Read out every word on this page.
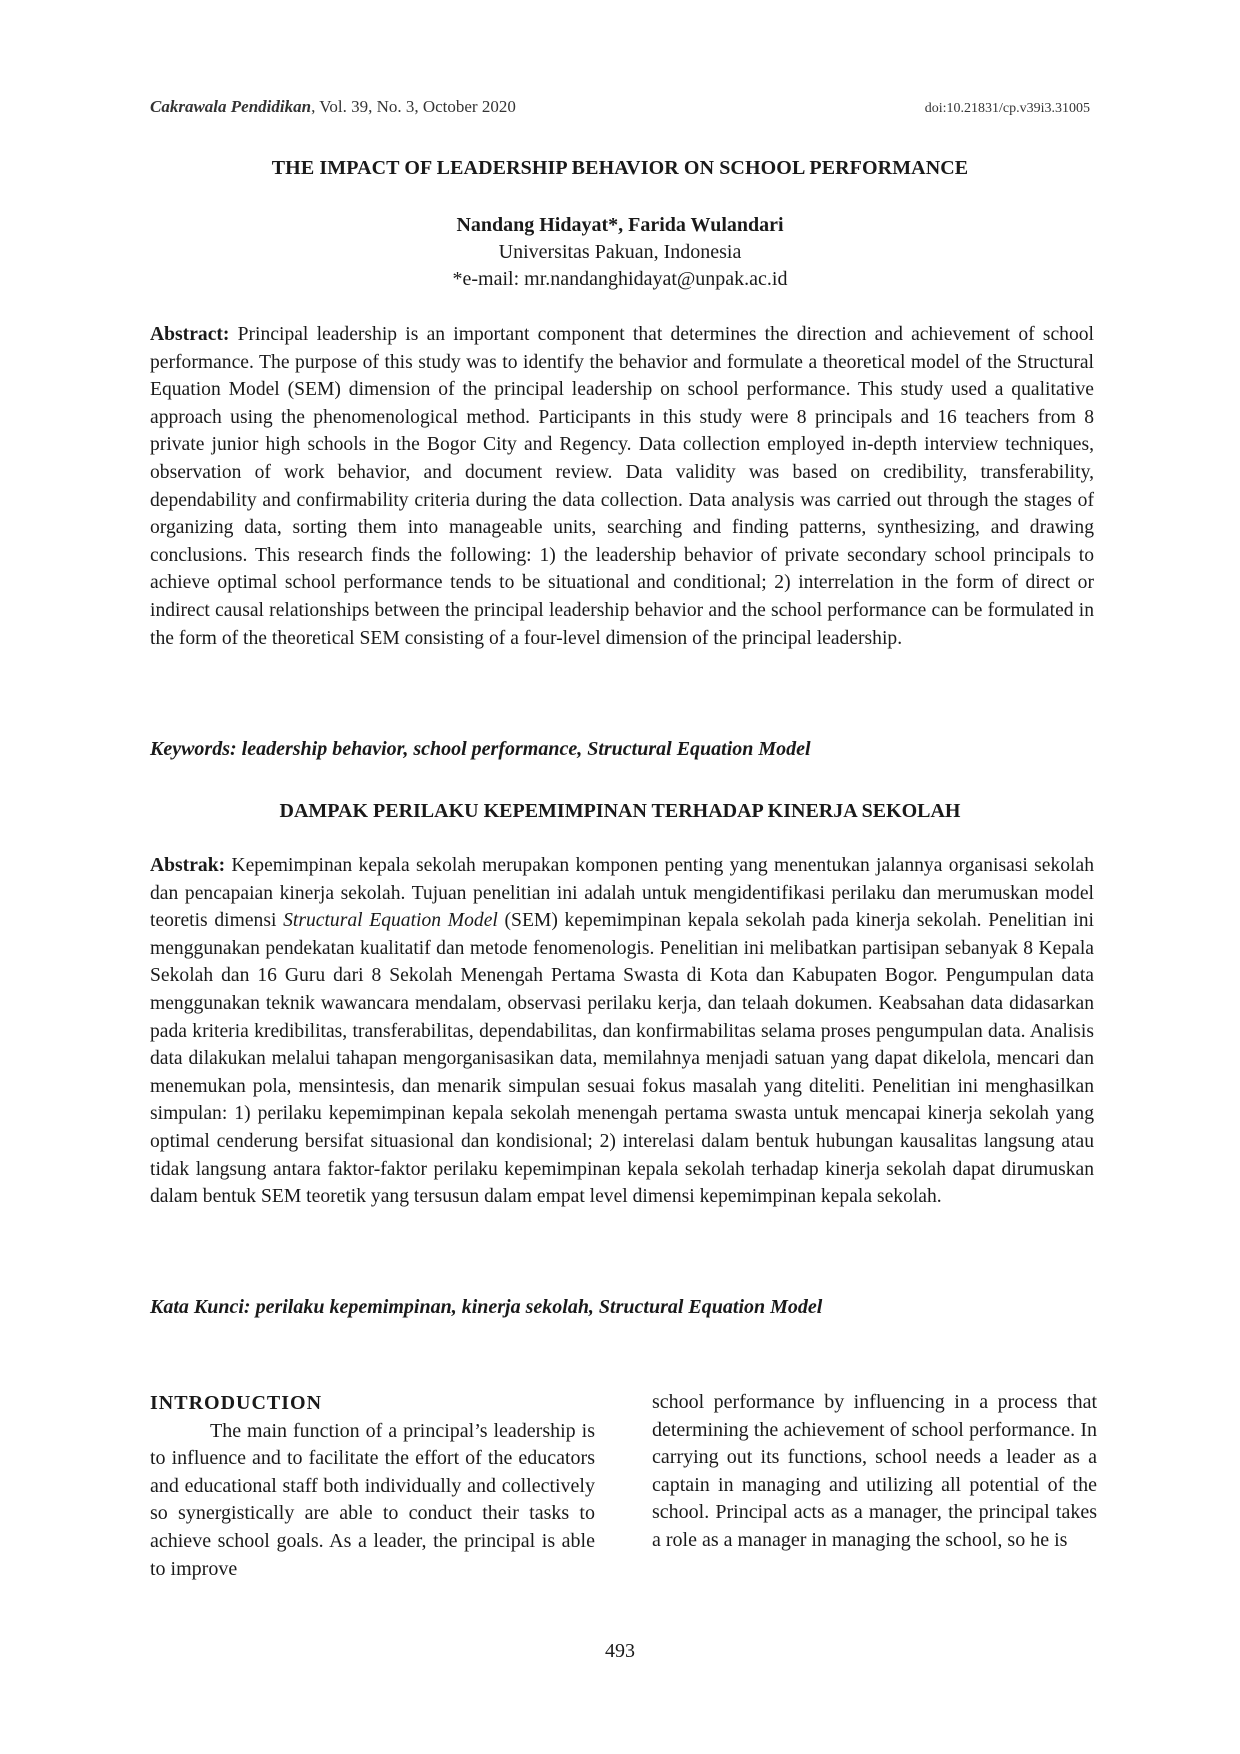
Cakrawala Pendidikan, Vol. 39, No. 3, October 2020	doi:10.21831/cp.v39i3.31005
THE IMPACT OF LEADERSHIP BEHAVIOR ON SCHOOL PERFORMANCE
Nandang Hidayat*, Farida Wulandari
Universitas Pakuan, Indonesia
*e-mail: mr.nandanghidayat@unpak.ac.id

Abstract: Principal leadership is an important component that determines the direction and achievement of school performance. The purpose of this study was to identify the behavior and formulate a theoretical model of the Structural Equation Model (SEM) dimension of the principal leadership on school performance. This study used a qualitative approach using the phenomenological method. Participants in this study were 8 principals and 16 teachers from 8 private junior high schools in the Bogor City and Regency. Data collection employed in-depth interview techniques, observation of work behavior, and document review. Data validity was based on credibility, transferability, dependability and confirmability criteria during the data collection. Data analysis was carried out through the stages of organizing data, sorting them into manageable units, searching and finding patterns, synthesizing, and drawing conclusions. This research finds the following: 1) the leadership behavior of private secondary school principals to achieve optimal school performance tends to be situational and conditional; 2) interrelation in the form of direct or indirect causal relationships between the principal leadership behavior and the school performance can be formulated in the form of the theoretical SEM consisting of a four-level dimension of the principal leadership.

Keywords: leadership behavior, school performance, Structural Equation Model

DAMPAK PERILAKU KEPEMIMPINAN TERHADAP KINERJA SEKOLAH

Abstrak: Kepemimpinan kepala sekolah merupakan komponen penting yang menentukan jalannya organisasi sekolah dan pencapaian kinerja sekolah. Tujuan penelitian ini adalah untuk mengidentifikasi perilaku dan merumuskan model teoretis dimensi Structural Equation Model (SEM) kepemimpinan kepala sekolah pada kinerja sekolah. Penelitian ini menggunakan pendekatan kualitatif dan metode fenomenologis. Penelitian ini melibatkan partisipan sebanyak 8 Kepala Sekolah dan 16 Guru dari 8 Sekolah Menengah Pertama Swasta di Kota dan Kabupaten Bogor. Pengumpulan data menggunakan teknik wawancara mendalam, observasi perilaku kerja, dan telaah dokumen. Keabsahan data didasarkan pada kriteria kredibilitas, transferabilitas, dependabilitas, dan konfirmabilitas selama proses pengumpulan data. Analisis data dilakukan melalui tahapan mengorganisasikan data, memilahnya menjadi satuan yang dapat dikelola, mencari dan menemukan pola, mensintesis, dan menarik simpulan sesuai fokus masalah yang diteliti. Penelitian ini menghasilkan simpulan: 1) perilaku kepemimpinan kepala sekolah menengah pertama swasta untuk mencapai kinerja sekolah yang optimal cenderung bersifat situasional dan kondisional; 2) interelasi dalam bentuk hubungan kausalitas langsung atau tidak langsung antara faktor-faktor perilaku kepemimpinan kepala sekolah terhadap kinerja sekolah dapat dirumuskan dalam bentuk SEM teoretik yang tersusun dalam empat level dimensi kepemimpinan kepala sekolah.

Kata Kunci: perilaku kepemimpinan, kinerja sekolah, Structural Equation Model

INTRODUCTION
The main function of a principal’s leadership is to influence and to facilitate the effort of the educators and educational staff both individually and collectively so synergistically are able to conduct their tasks to achieve school goals. As a leader, the principal is able to improve
school performance by influencing in a process that determining the achievement of school performance. In carrying out its functions, school needs a leader as a captain in managing and utilizing all potential of the school. Principal acts as a manager, the principal takes a role as a manager in managing the school, so he is
493
